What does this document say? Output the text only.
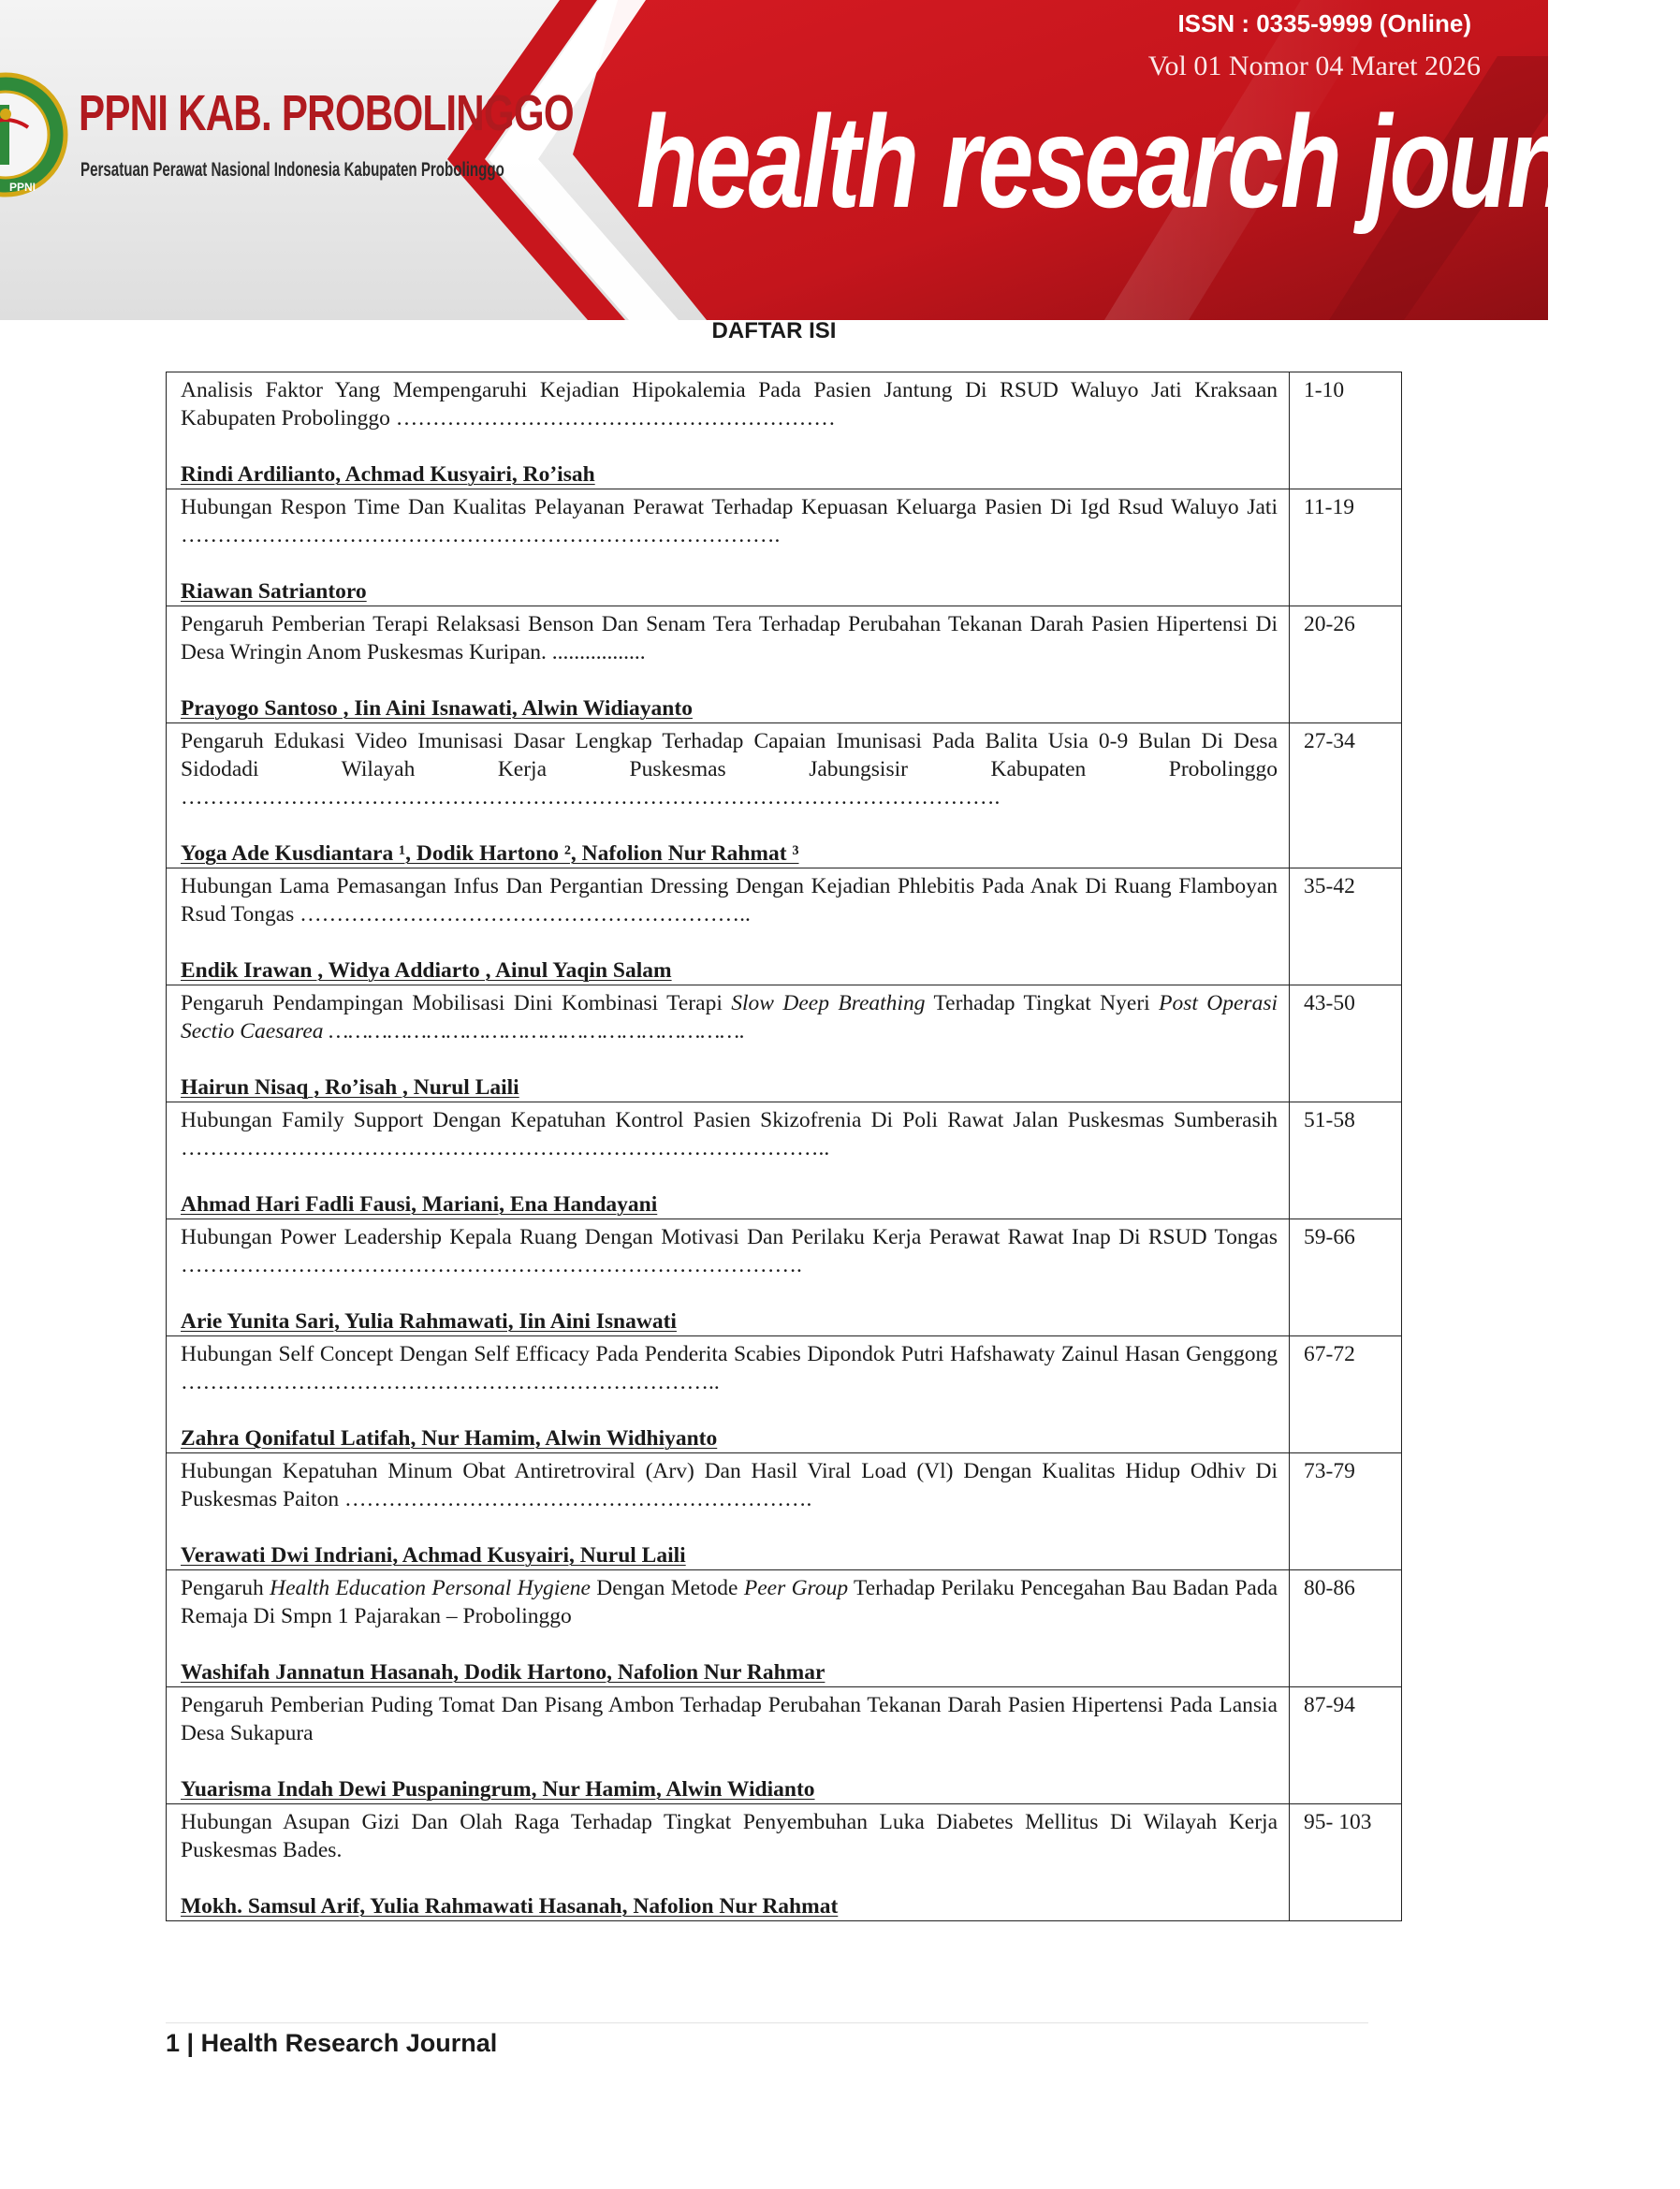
PPNI
PPNI KAB. PROBOLINGGO
Persatuan Perawat Nasional Indonesia Kabupaten Probolinggo
ISSN : 0335-9999 (Online)
Vol 01 Nomor 04 Maret 2026
health research journal
DAFTAR ISI
Analisis Faktor Yang Mempengaruhi Kejadian Hipokalemia Pada Pasien Jantung Di RSUD Waluyo Jati Kraksaan Kabupaten Probolinggo ……………………………………………………
Rindi Ardilianto, Achmad Kusyairi, Ro’isah	1-10

Hubungan Respon Time Dan Kualitas Pelayanan Perawat Terhadap Kepuasan Keluarga Pasien Di Igd Rsud Waluyo Jati ……………………………………………………………………….
Riawan Satriantoro	11-19

Pengaruh Pemberian Terapi Relaksasi Benson Dan Senam Tera Terhadap Perubahan Tekanan Darah Pasien Hipertensi Di Desa Wringin Anom Puskesmas Kuripan. .................
Prayogo Santoso , Iin Aini Isnawati, Alwin Widiayanto	20-26

Pengaruh Edukasi Video Imunisasi Dasar Lengkap Terhadap Capaian Imunisasi Pada Balita Usia 0-9 Bulan Di Desa Sidodadi Wilayah Kerja Puskesmas Jabungsisir Kabupaten Probolinggo ………………………………………………………………………………………………….
Yoga Ade Kusdiantara ¹, Dodik Hartono ², Nafolion Nur Rahmat ³	27-34

Hubungan Lama Pemasangan Infus Dan Pergantian Dressing Dengan Kejadian Phlebitis Pada Anak Di Ruang Flamboyan Rsud Tongas ……………………………………………………..
Endik Irawan , Widya Addiarto , Ainul Yaqin Salam	35-42

Pengaruh Pendampingan Mobilisasi Dini Kombinasi Terapi Slow Deep Breathing Terhadap Tingkat Nyeri Post Operasi Sectio Caesarea ……………………………………………………….
Hairun Nisaq , Ro’isah , Nurul Laili	43-50

Hubungan Family Support Dengan Kepatuhan Kontrol Pasien Skizofrenia Di Poli Rawat Jalan Puskesmas Sumberasih ……………………………………………………………………………..
Ahmad Hari Fadli Fausi, Mariani, Ena Handayani	51-58

Hubungan Power Leadership Kepala Ruang Dengan Motivasi Dan Perilaku Kerja Perawat Rawat Inap Di RSUD Tongas ………………………………………………………………………….
Arie Yunita Sari, Yulia Rahmawati, Iin Aini Isnawati	59-66

Hubungan Self Concept Dengan Self Efficacy Pada Penderita Scabies Dipondok Putri Hafshawaty Zainul Hasan Genggong ………………………………………………………………..
Zahra Qonifatul Latifah, Nur Hamim, Alwin Widhiyanto	67-72

Hubungan Kepatuhan Minum Obat Antiretroviral (Arv) Dan Hasil Viral Load (Vl) Dengan Kualitas Hidup Odhiv Di Puskesmas Paiton ……………………………………………………….
Verawati Dwi Indriani, Achmad Kusyairi, Nurul Laili	73-79

Pengaruh Health Education Personal Hygiene Dengan Metode Peer Group Terhadap Perilaku Pencegahan Bau Badan Pada Remaja Di Smpn 1 Pajarakan – Probolinggo
Washifah Jannatun Hasanah, Dodik Hartono, Nafolion Nur Rahmar	80-86

Pengaruh Pemberian Puding Tomat Dan Pisang Ambon Terhadap Perubahan Tekanan Darah Pasien Hipertensi Pada Lansia Desa Sukapura
Yuarisma Indah Dewi Puspaningrum, Nur Hamim, Alwin Widianto	87-94

Hubungan Asupan Gizi Dan Olah Raga Terhadap Tingkat Penyembuhan Luka Diabetes Mellitus Di Wilayah Kerja Puskesmas Bades.
Mokh. Samsul Arif, Yulia Rahmawati Hasanah, Nafolion Nur Rahmat	95- 103
1 | Health Research Journal
